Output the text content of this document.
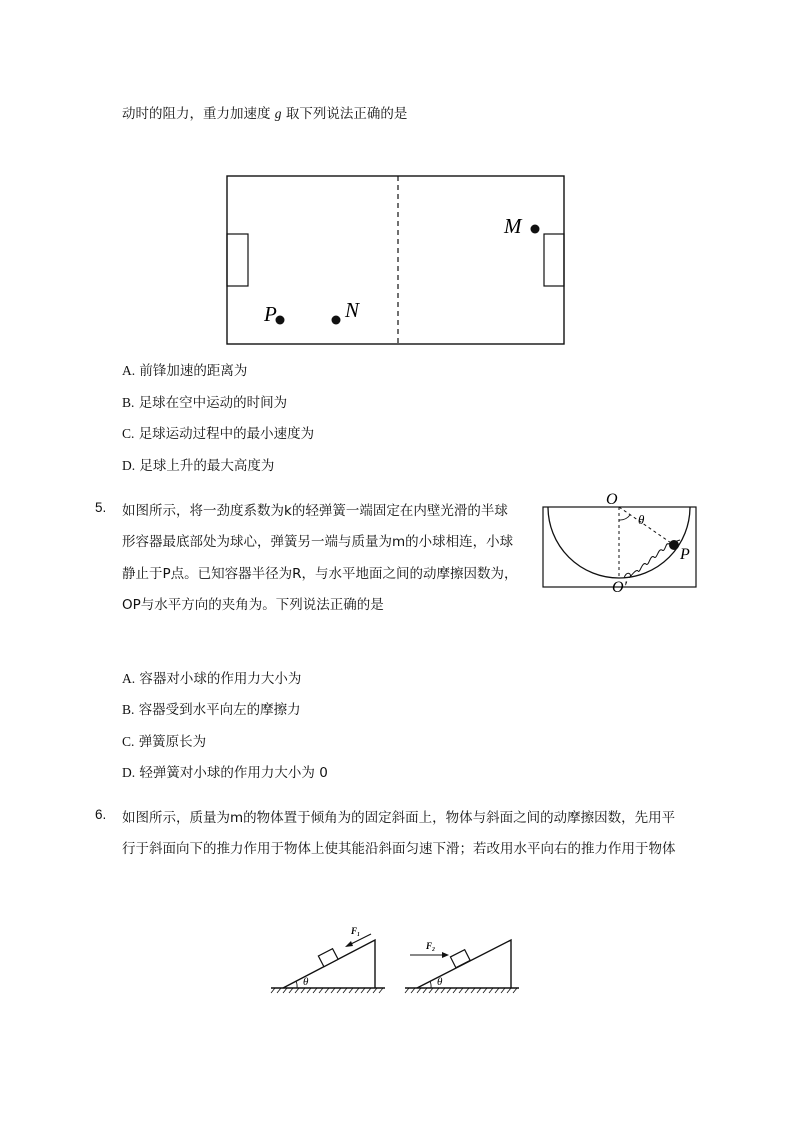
动时的阻力，重力加速度 g 取下列说法正确的是
M
P	N
A. 前锋加速的距离为
B. 足球在空中运动的时间为
C. 足球运动过程中的最小速度为
D. 足球上升的最大高度为
5. 如图所示，将一劲度系数为k的轻弹簧一端固定在内壁光滑的半球
形容器最底部处为球心，弹簧另一端与质量为m的小球相连，小球
静止于P点。已知容器半径为R，与水平地面之间的动摩擦因数为，
OP与水平方向的夹角为。下列说法正确的是
O
θ
P
O′
A. 容器对小球的作用力大小为
B. 容器受到水平向左的摩擦力
C. 弹簧原长为
D. 轻弹簧对小球的作用力大小为 0
6. 如图所示，质量为m的物体置于倾角为的固定斜面上，物体与斜面之间的动摩擦因数，先用平
行于斜面向下的推力作用于物体上使其能沿斜面匀速下滑；若改用水平向右的推力作用于物体
F₁
θ
F₂
θ
